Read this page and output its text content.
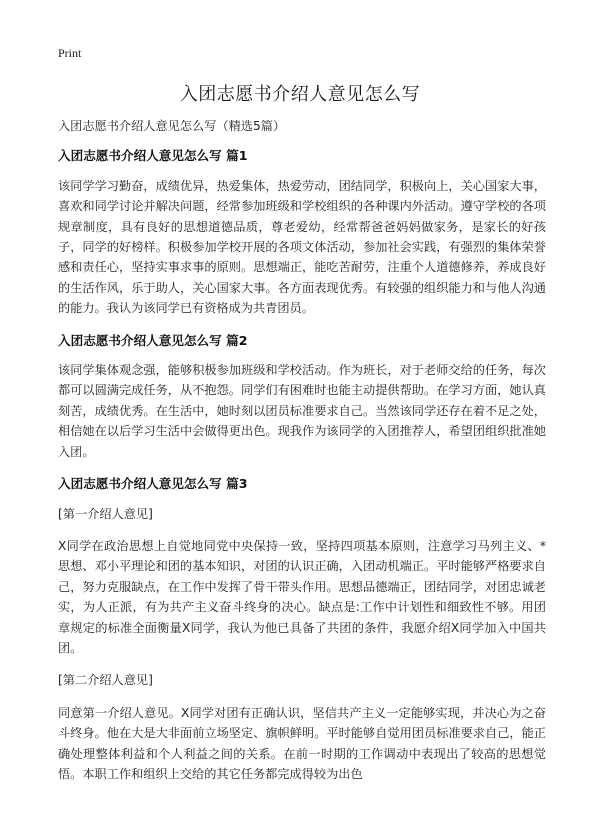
Print
入团志愿书介绍人意见怎么写

入团志愿书介绍人意见怎么写（精选5篇）

入团志愿书介绍人意见怎么写 篇1

该同学学习勤奋，成绩优异，热爱集体，热爱劳动，团结同学，积极向上，关心国家大事，喜欢和同学讨论并解决问题，经常参加班级和学校组织的各种课内外活动。遵守学校的各项规章制度，具有良好的思想道德品质，尊老爱幼，经常帮爸爸妈妈做家务，是家长的好孩子，同学的好榜样。积极参加学校开展的各项文体活动，参加社会实践，有强烈的集体荣誉感和责任心，坚持实事求事的原则。思想端正，能吃苦耐劳，注重个人道德修养，养成良好的生活作风，乐于助人，关心国家大事。各方面表现优秀。有较强的组织能力和与他人沟通的能力。我认为该同学已有资格成为共青团员。

入团志愿书介绍人意见怎么写 篇2

该同学集体观念强，能够积极参加班级和学校活动。作为班长，对于老师交给的任务，每次都可以圆满完成任务，从不抱怨。同学们有困难时也能主动提供帮助。在学习方面，她认真刻苦，成绩优秀。在生活中，她时刻以团员标准要求自己。当然该同学还存在着不足之处，相信她在以后学习生活中会做得更出色。现我作为该同学的入团推荐人，希望团组织批准她入团。

入团志愿书介绍人意见怎么写 篇3

[第一介绍人意见]

X同学在政治思想上自觉地同党中央保持一致，坚持四项基本原则，注意学习马列主义、*思想、邓小平理论和团的基本知识，对团的认识正确，入团动机端正。平时能够严格要求自己，努力克服缺点，在工作中发挥了骨干带头作用。思想品德端正，团结同学，对团忠诚老实，为人正派，有为共产主义奋斗终身的决心。缺点是:工作中计划性和细致性不够。用团章规定的标准全面衡量X同学，我认为他已具备了共团的条件，我愿介绍X同学加入中国共团。

[第二介绍人意见]

同意第一介绍人意见。X同学对团有正确认识，坚信共产主义一定能够实现，并决心为之奋斗终身。他在大是大非面前立场坚定、旗帜鲜明。平时能够自觉用团员标准要求自己，能正确处理整体利益和个人利益之间的关系。在前一时期的工作调动中表现出了较高的思想觉悟。本职工作和组织上交给的其它任务都完成得较为出色
